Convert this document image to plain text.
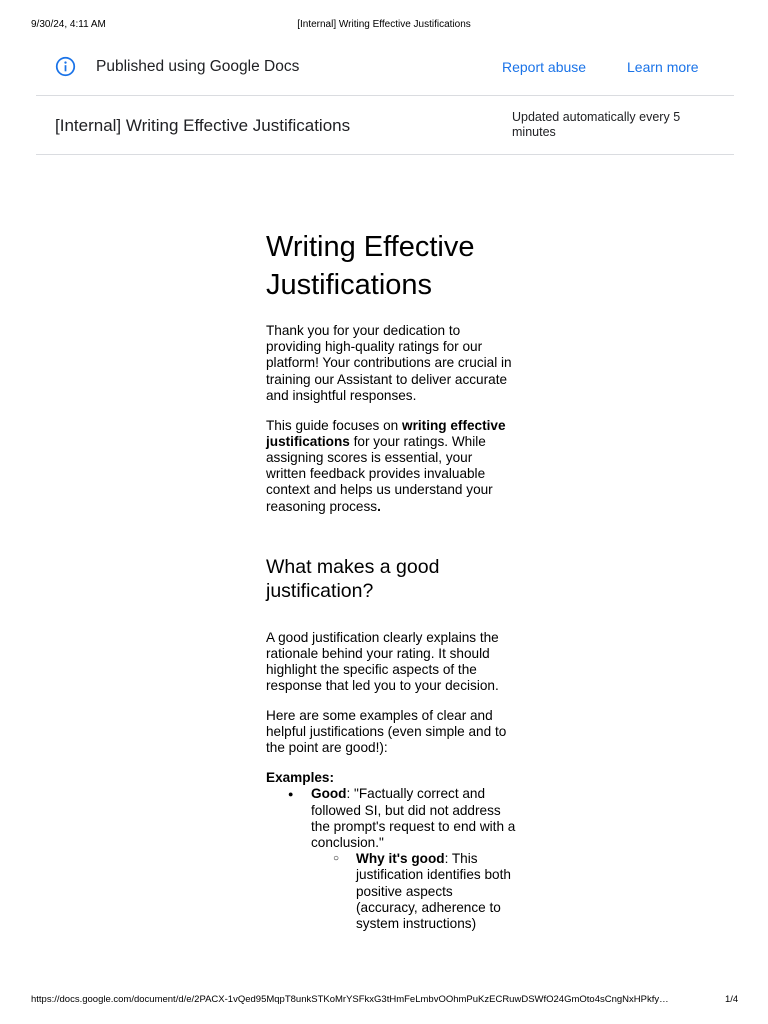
9/30/24, 4:11 AM	[Internal] Writing Effective Justifications
Published using Google Docs	Report abuse	Learn more
[Internal] Writing Effective Justifications	Updated automatically every 5 minutes
Writing Effective Justifications

Thank you for your dedication to providing high-quality ratings for our platform! Your contributions are crucial in training our Assistant to deliver accurate and insightful responses.

This guide focuses on writing effective justifications for your ratings. While assigning scores is essential, your written feedback provides invaluable context and helps us understand your reasoning process.

What makes a good justification?

A good justification clearly explains the rationale behind your rating. It should highlight the specific aspects of the response that led you to your decision.

Here are some examples of clear and helpful justifications (even simple and to the point are good!):

Examples:

● Good: "Factually correct and followed SI, but did not address the prompt's request to end with a conclusion."
○ Why it's good: This justification identifies both positive aspects (accuracy, adherence to system instructions)
https://docs.google.com/document/d/e/2PACX-1vQed95MqpT8unkSTKoMrYSFkxG3tHmFeLmbvOOhmPuKzECRuwDSWfO24GmOto4sCngNxHPkfy…	1/4
